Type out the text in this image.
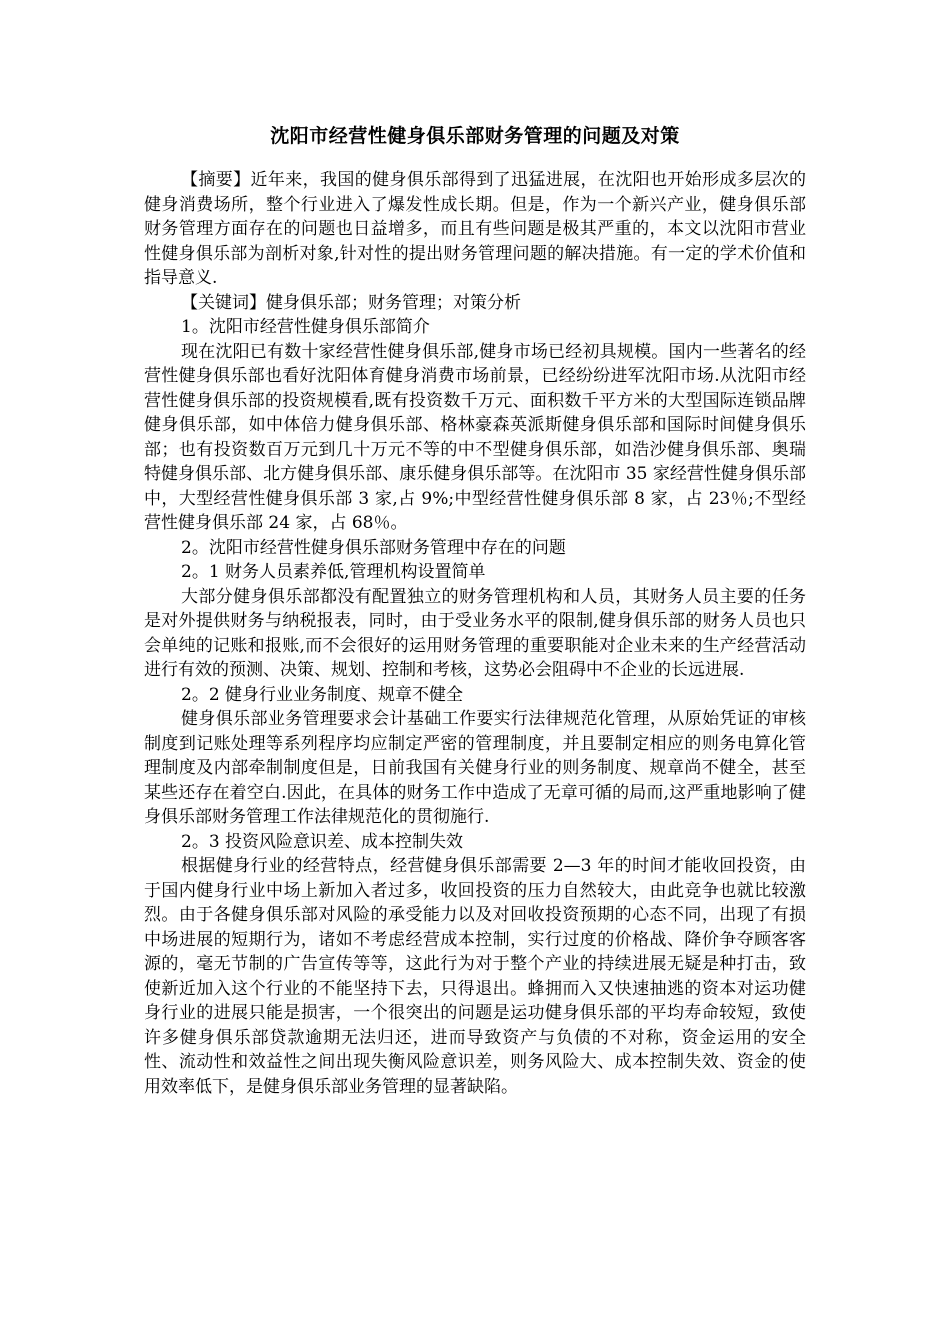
沈阳市经营性健身俱乐部财务管理的问题及对策

【摘要】近年来，我国的健身俱乐部得到了迅猛进展，在沈阳也开始形成多层次的健身消费场所，整个行业进入了爆发性成长期。但是，作为一个新兴产业，健身俱乐部财务管理方面存在的问题也日益增多，而且有些问题是极其严重的，本文以沈阳市营业性健身俱乐部为剖析对象,针对性的提出财务管理问题的解决措施。有一定的学术价值和指导意义.

【关键词】健身俱乐部；财务管理；对策分析

1。沈阳市经营性健身俱乐部简介

现在沈阳已有数十家经营性健身俱乐部,健身市场已经初具规模。国内一些著名的经营性健身俱乐部也看好沈阳体育健身消费市场前景，已经纷纷进军沈阳市场.从沈阳市经营性健身俱乐部的投资规模看,既有投资数千万元、面积数千平方米的大型国际连锁品牌健身俱乐部，如中体倍力健身俱乐部、格林豪森英派斯健身俱乐部和国际时间健身俱乐部；也有投资数百万元到几十万元不等的中不型健身俱乐部，如浩沙健身俱乐部、奥瑞特健身俱乐部、北方健身俱乐部、康乐健身俱乐部等。在沈阳市 35 家经营性健身俱乐部中，大型经营性健身俱乐部 3 家,占 9%;中型经营性健身俱乐部 8 家，占 23％;不型经营性健身俱乐部 24 家，占 68％。

2。沈阳市经营性健身俱乐部财务管理中存在的问题

2。1 财务人员素养低,管理机构设置简单

大部分健身俱乐部都没有配置独立的财务管理机构和人员，其财务人员主要的任务是对外提供财务与纳税报表，同时，由于受业务水平的限制,健身俱乐部的财务人员也只会单纯的记账和报账,而不会很好的运用财务管理的重要职能对企业未来的生产经营活动进行有效的预测、决策、规划、控制和考核，这势必会阻碍中不企业的长远进展.

2。2 健身行业业务制度、规章不健全

健身俱乐部业务管理要求会计基础工作要实行法律规范化管理，从原始凭证的审核制度到记账处理等系列程序均应制定严密的管理制度，并且要制定相应的则务电算化管理制度及内部牵制制度但是，日前我国有关健身行业的则务制度、规章尚不健全，甚至某些还存在着空白.因此，在具体的财务工作中造成了无章可循的局而,这严重地影响了健身俱乐部财务管理工作法律规范化的贯彻施行.

2。3 投资风险意识差、成本控制失效

根据健身行业的经营特点，经营健身俱乐部需要 2—3 年的时间才能收回投资，由于国内健身行业中场上新加入者过多，收回投资的压力自然较大，由此竞争也就比较激烈。由于各健身俱乐部对风险的承受能力以及对回收投资预期的心态不同，出现了有损中场进展的短期行为，诸如不考虑经营成本控制，实行过度的价格战、降价争夺顾客客源的，毫无节制的广告宣传等等，这此行为对于整个产业的持续进展无疑是种打击，致使新近加入这个行业的不能坚持下去，只得退出。蜂拥而入又快速抽逃的资本对运功健身行业的进展只能是损害，一个很突出的问题是运功健身俱乐部的平均寿命较短，致使许多健身俱乐部贷款逾期无法归还，进而导致资产与负债的不对称，资金运用的安全性、流动性和效益性之间出现失衡风险意识差，则务风险大、成本控制失效、资金的使用效率低下，是健身俱乐部业务管理的显著缺陷。
